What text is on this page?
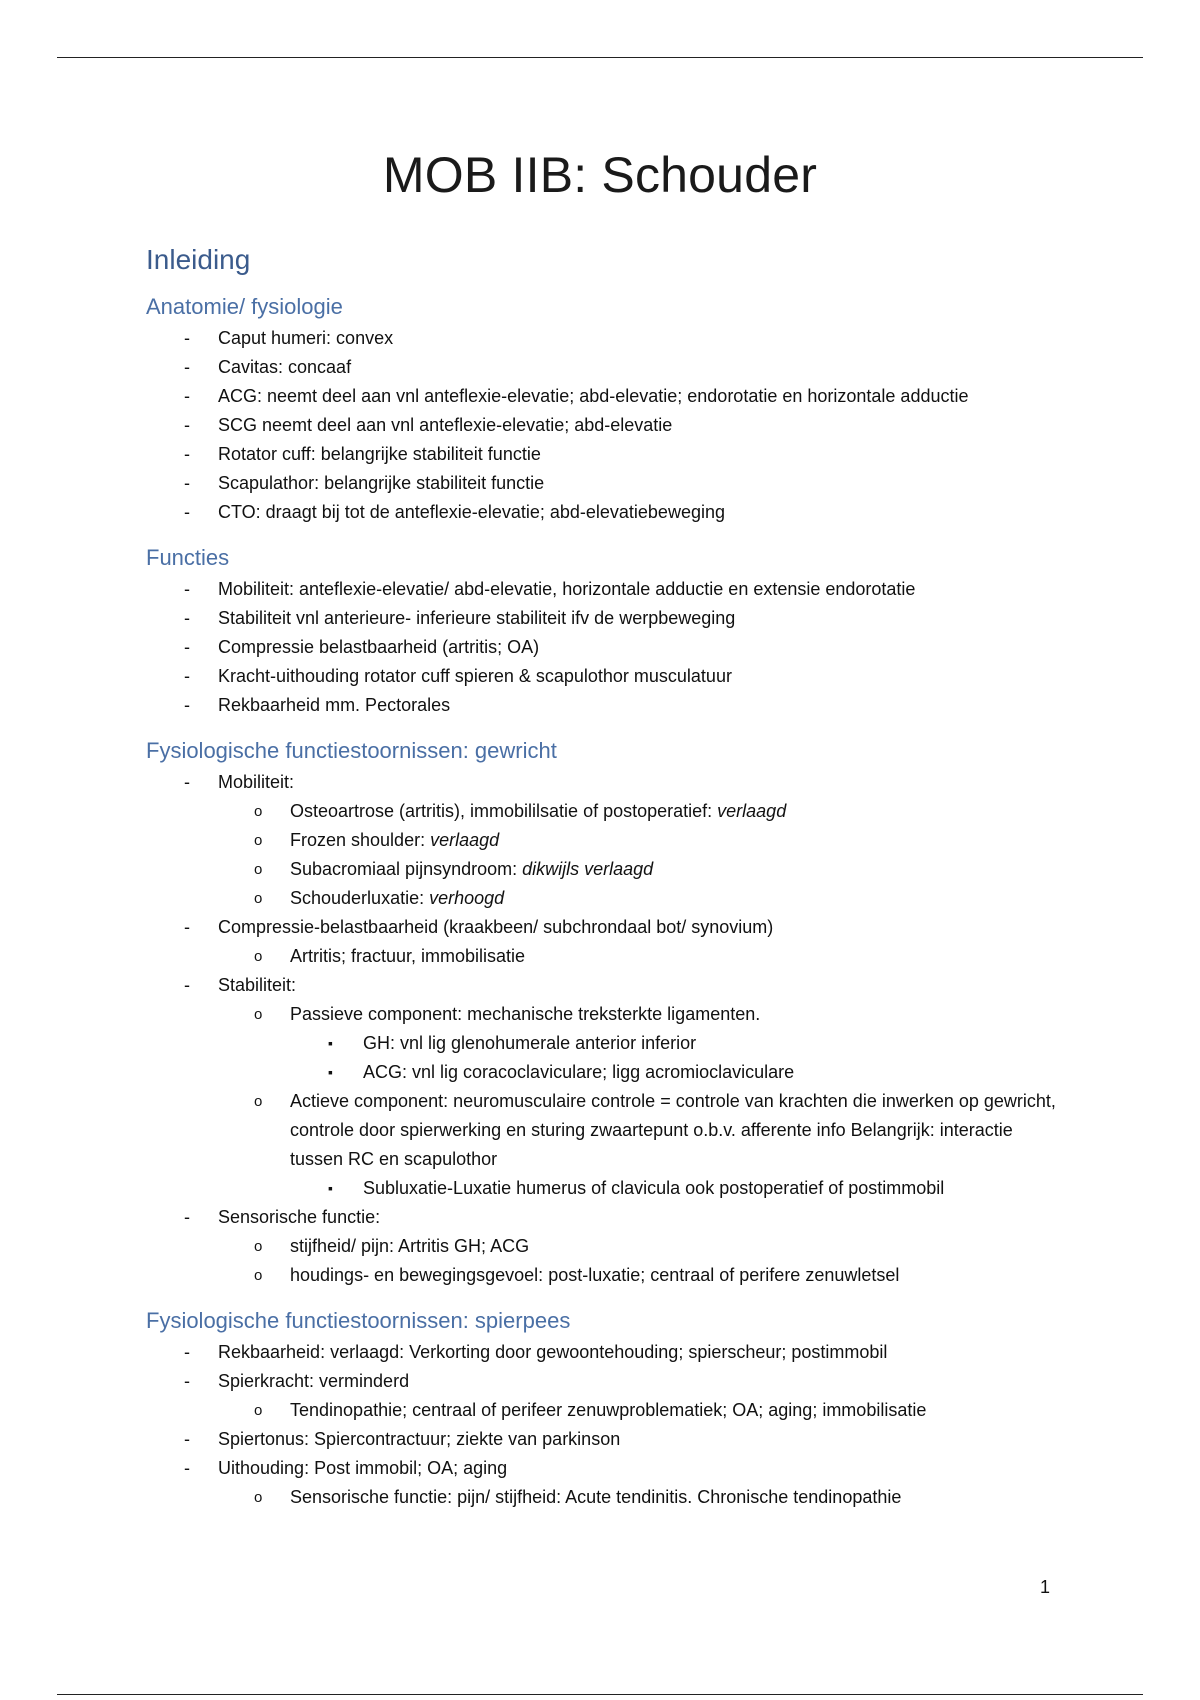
MOB IIB: Schouder
Inleiding
Anatomie/ fysiologie
- Caput humeri: convex
- Cavitas: concaaf
- ACG: neemt deel aan vnl anteflexie-elevatie; abd-elevatie; endorotatie en horizontale adductie
- SCG neemt deel aan vnl anteflexie-elevatie; abd-elevatie
- Rotator cuff: belangrijke stabiliteit functie
- Scapulathor: belangrijke stabiliteit functie
- CTO: draagt bij tot de anteflexie-elevatie; abd-elevatiebeweging
Functies
- Mobiliteit: anteflexie-elevatie/ abd-elevatie, horizontale adductie en extensie endorotatie
- Stabiliteit vnl anterieure- inferieure stabiliteit ifv de werpbeweging
- Compressie belastbaarheid (artritis; OA)
- Kracht-uithouding rotator cuff spieren & scapulothor musculatuur
- Rekbaarheid mm. Pectorales
Fysiologische functiestoornissen: gewricht
- Mobiliteit:
o Osteoartrose (artritis), immobililsatie of postoperatief: verlaagd
o Frozen shoulder: verlaagd
o Subacromiaal pijnsyndroom: dikwijls verlaagd
o Schouderluxatie: verhoogd
- Compressie-belastbaarheid (kraakbeen/ subchrondaal bot/ synovium)
o Artritis; fractuur, immobilisatie
- Stabiliteit:
o Passieve component: mechanische treksterkte ligamenten.
▪ GH: vnl lig glenohumerale anterior inferior
▪ ACG: vnl lig coracoclaviculare; ligg acromioclaviculare
o Actieve component: neuromusculaire controle = controle van krachten die inwerken op gewricht, controle door spierwerking en sturing zwaartepunt o.b.v. afferente info Belangrijk: interactie tussen RC en scapulothor
▪ Subluxatie-Luxatie humerus of clavicula ook postoperatief of postimmobil
- Sensorische functie:
o stijfheid/ pijn: Artritis GH; ACG
o houdings- en bewegingsgevoel: post-luxatie; centraal of perifere zenuwletsel
Fysiologische functiestoornissen: spierpees
- Rekbaarheid: verlaagd: Verkorting door gewoontehouding; spierscheur; postimmobil
- Spierkracht: verminderd
o Tendinopathie; centraal of perifeer zenuwproblematiek; OA; aging; immobilisatie
- Spiertonus: Spiercontractuur; ziekte van parkinson
- Uithouding: Post immobil; OA; aging
o Sensorische functie: pijn/ stijfheid: Acute tendinitis. Chronische tendinopathie
1
